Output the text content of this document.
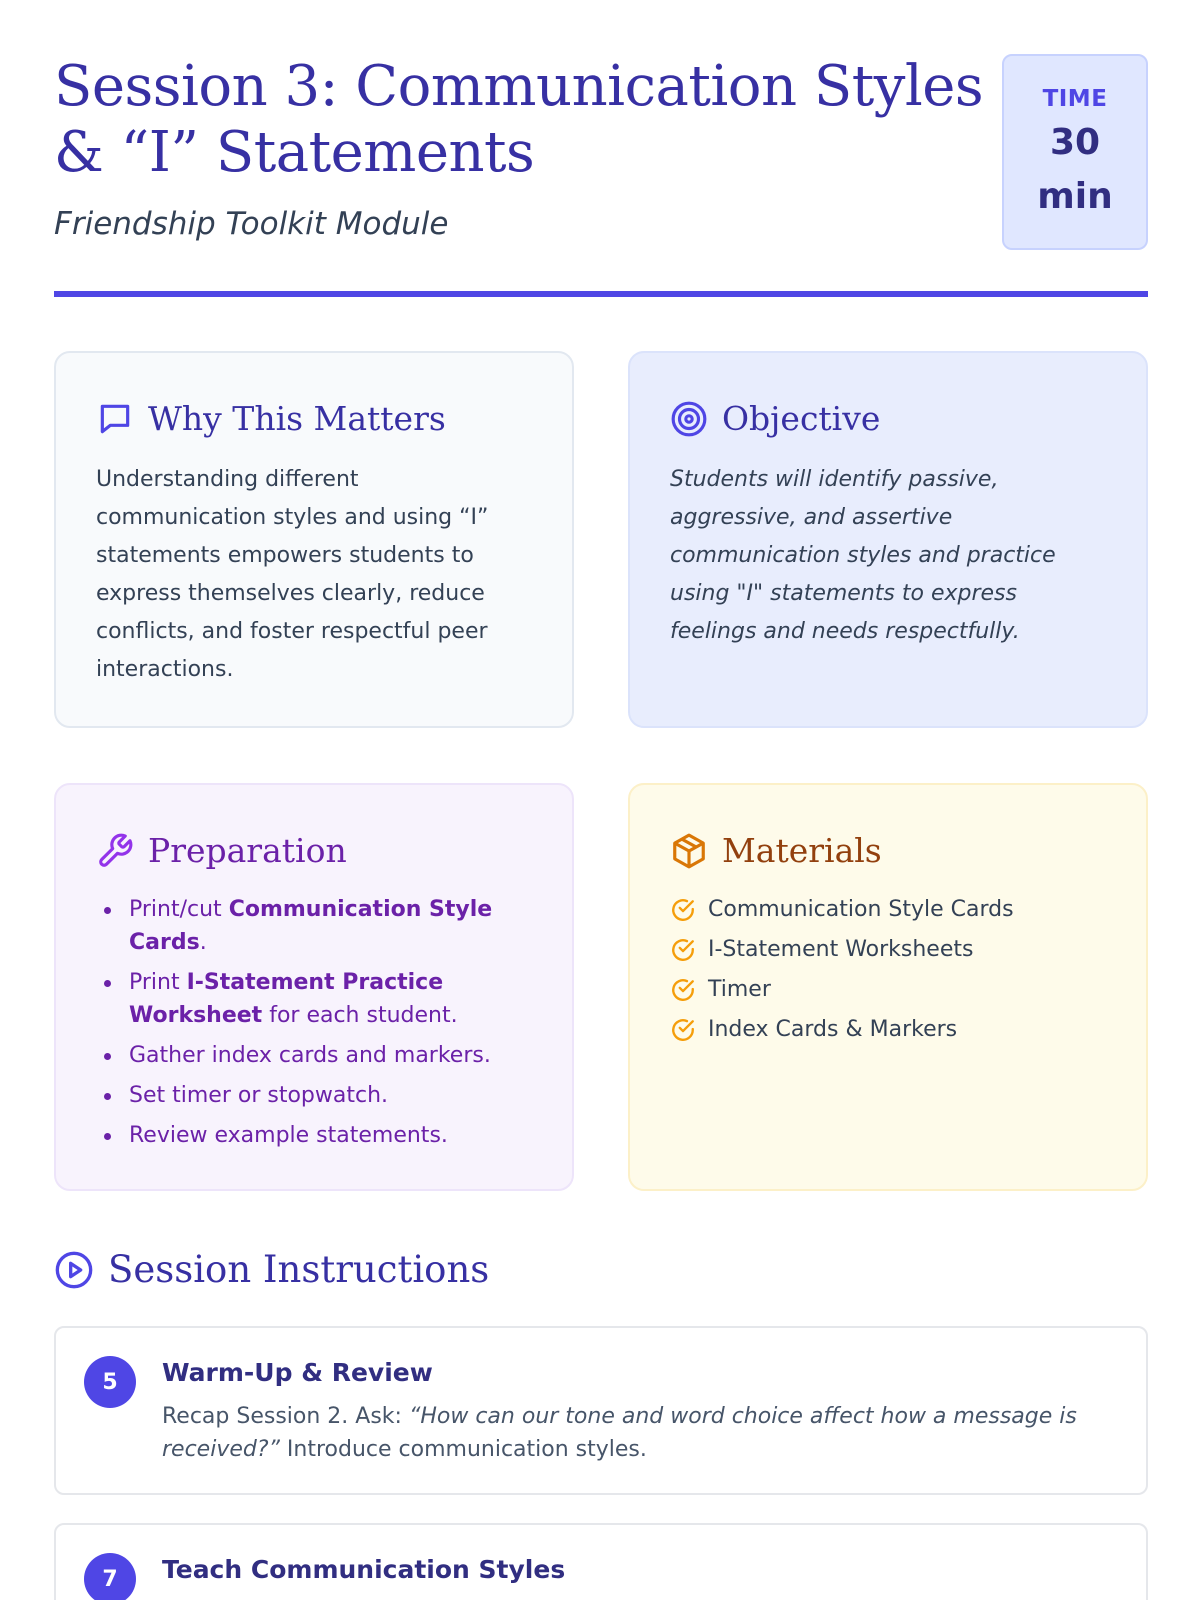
Session 3: Communication Styles
& “I” Statements
Friendship Toolkit Module
TIME
30
min
Why This Matters

Understanding different communication styles and using “I” statements empowers students to express themselves clearly, reduce conflicts, and foster respectful peer interactions.

Objective

Students will identify passive, aggressive, and assertive communication styles and practice using "I" statements to express feelings and needs respectfully.

Preparation
Print/cut Communication Style Cards.
Print I-Statement Practice Worksheet for each student.
Gather index cards and markers.
Set timer or stopwatch.
Review example statements.
Materials
Communication Style Cards
I-Statement Worksheets
Timer
Index Cards & Markers
Session Instructions
5	Warm-Up & Review

Recap Session 2. Ask: “How can our tone and word choice affect how a message is received?” Introduce communication styles.

7	Teach Communication Styles
